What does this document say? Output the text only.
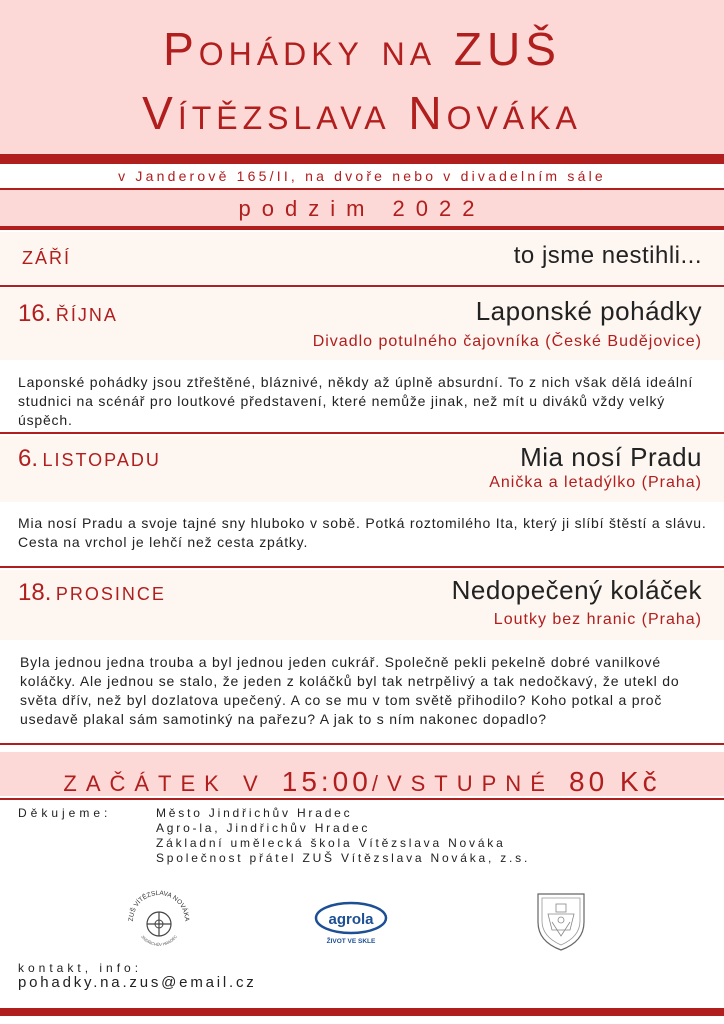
Pohádky na ZUŠ
Vítězslava Nováka
v Janderově 165/II, na dvoře nebo v divadelním sále
podzim 2022
ZÁŘÍ	to jsme nestihli...
16. ŘÍJNA	Laponské pohádky
Divadlo potulného čajovníka (České Budějovice)
Laponské pohádky jsou ztřeštěné, bláznivé, někdy až úplně absurdní. To z nich však dělá ideální studnici na scénář pro loutkové představení, které nemůže jinak, než mít u diváků vždy velký úspěch.
6. LISTOPADU	Mia nosí Pradu
Anička a letadýlko (Praha)
Mia nosí Pradu a svoje tajné sny hluboko v sobě. Potká roztomilého Ita, který ji slíbí štěstí a slávu. Cesta na vrchol je lehčí než cesta zpátky.
18. PROSINCE	Nedopečený koláček
Loutky bez hranic (Praha)
Byla jednou jedna trouba a byl jednou jeden cukrář. Společně pekli pekelně dobré vanilkové koláčky. Ale jednou se stalo, že jeden z koláčků byl tak netrpělivý a tak nedočkavý, že utekl do světa dřív, než byl dozlatova upečený. A co se mu v tom světě přihodilo? Koho potkal a proč usedavě plakal sám samotinký na pařezu? A jak to s ním nakonec dopadlo?
ZAČÁTEK V 15:00/VSTUPNÉ 80 Kč
Děkujeme:	Město Jindřichův Hradec
Agro-la, Jindřichův Hradec
Základní umělecká škola Vítězslava Nováka
Společnost přátel ZUŠ Vítězslava Nováka, z.s.
ZUŠ VÍTĚZSLAVA NOVÁKA
JINDŘICHŮV HRADEC
agrola
ŽIVOT VE SKLE
kontakt, info:
pohadky.na.zus@email.cz
